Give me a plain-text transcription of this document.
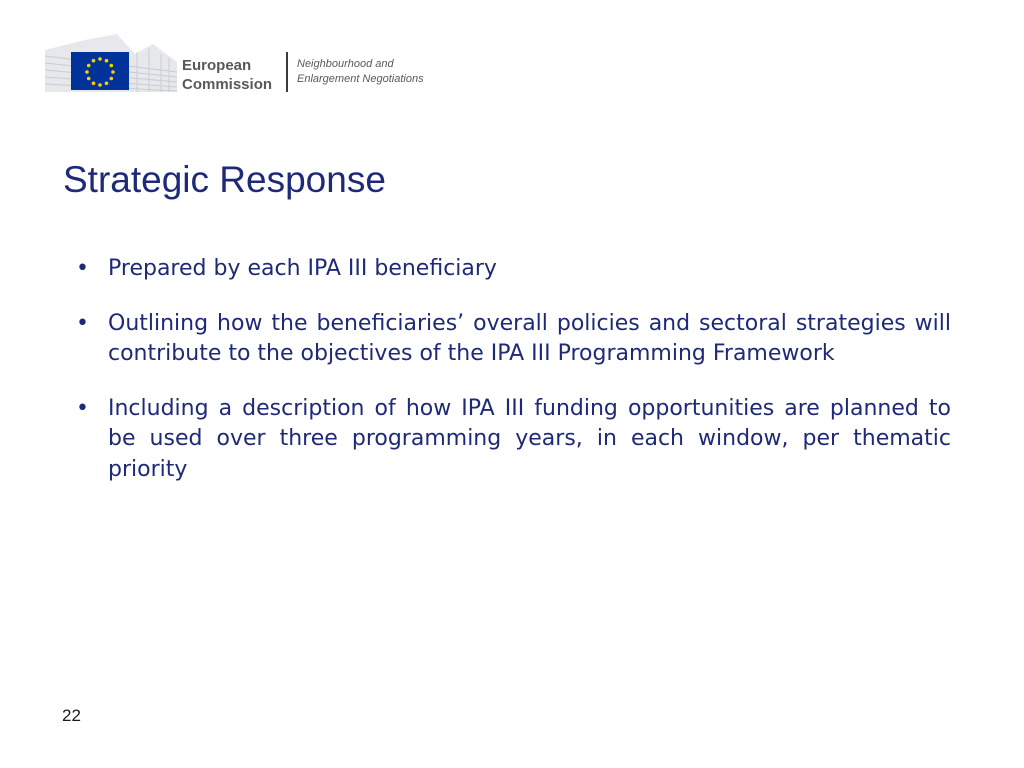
European
Commission
Neighbourhood and
Enlargement Negotiations
Strategic Response
• Prepared by each IPA III beneficiary
• Outlining how the beneficiaries’ overall policies and sectoral strategies will contribute to the objectives of the IPA III Programming Framework
• Including a description of how IPA III funding opportunities are planned to be used over three programming years, in each window, per thematic priority
22
